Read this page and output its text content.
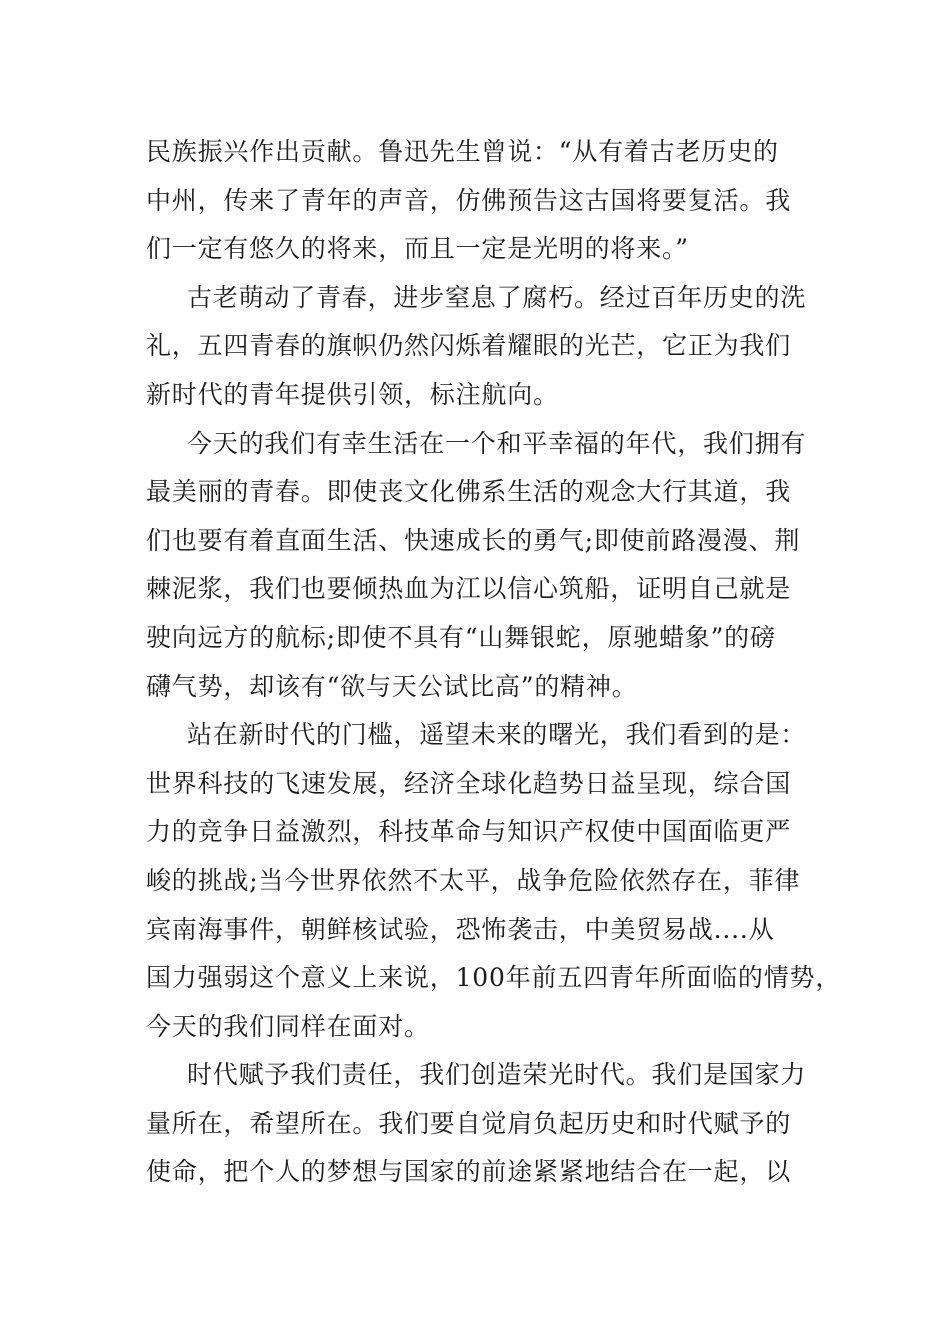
民族振兴作出贡献。鲁迅先生曾说：“从有着古老历史的
中州，传来了青年的声音，仿佛预告这古国将要复活。我
们一定有悠久的将来，而且一定是光明的将来。”
古老萌动了青春，进步窒息了腐朽。经过百年历史的洗
礼，五四青春的旗帜仍然闪烁着耀眼的光芒，它正为我们
新时代的青年提供引领，标注航向。
今天的我们有幸生活在一个和平幸福的年代，我们拥有
最美丽的青春。即使丧文化佛系生活的观念大行其道，我
们也要有着直面生活、快速成长的勇气;即使前路漫漫、荆
棘泥浆，我们也要倾热血为江以信心筑船，证明自己就是
驶向远方的航标;即使不具有“山舞银蛇，原驰蜡象”的磅
礴气势，却该有“欲与天公试比高”的精神。
站在新时代的门槛，遥望未来的曙光，我们看到的是：
世界科技的飞速发展，经济全球化趋势日益呈现，综合国
力的竞争日益激烈，科技革命与知识产权使中国面临更严
峻的挑战;当今世界依然不太平，战争危险依然存在，菲律
宾南海事件，朝鲜核试验，恐怖袭击，中美贸易战....从
国力强弱这个意义上来说，100年前五四青年所面临的情势，
今天的我们同样在面对。
时代赋予我们责任，我们创造荣光时代。我们是国家力
量所在，希望所在。我们要自觉肩负起历史和时代赋予的
使命，把个人的梦想与国家的前途紧紧地结合在一起，以
